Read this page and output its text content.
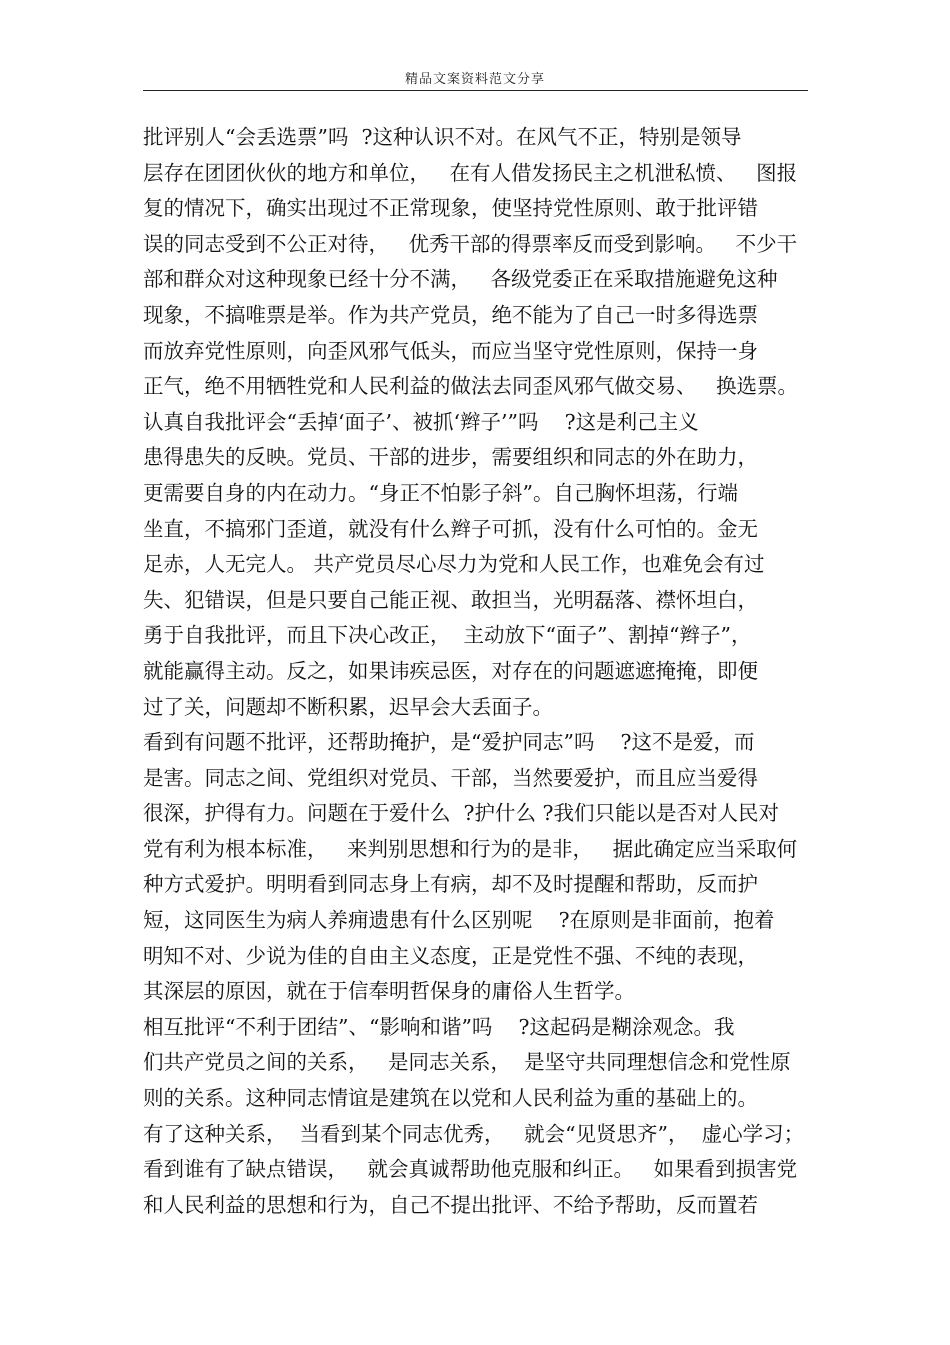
精品文案资料范文分享
批评别人“会丢选票”吗  ?这种认识不对。在风气不正，特别是领导
层存在团团伙伙的地方和单位，   在有人借发扬民主之机泄私愤、   图报
复的情况下，确实出现过不正常现象，使坚持党性原则、敢于批评错
误的同志受到不公正对待，   优秀干部的得票率反而受到影响。   不少干
部和群众对这种现象已经十分不满，   各级党委正在采取措施避免这种
现象，不搞唯票是举。作为共产党员，绝不能为了自己一时多得选票
而放弃党性原则，向歪风邪气低头，而应当坚守党性原则，保持一身
正气，绝不用牺牲党和人民利益的做法去同歪风邪气做交易、   换选票。
认真自我批评会“丢掉‘面子’、被抓‘辫子’”吗    ?这是利己主义
患得患失的反映。党员、干部的进步，需要组织和同志的外在助力，
更需要自身的内在动力。“身正不怕影子斜”。自己胸怀坦荡，行端
坐直，不搞邪门歪道，就没有什么辫子可抓，没有什么可怕的。金无
足赤，人无完人。 共产党员尽心尽力为党和人民工作，也难免会有过
失、犯错误，但是只要自己能正视、敢担当，光明磊落、襟怀坦白，
勇于自我批评，而且下决心改正，  主动放下“面子”、割掉“辫子”，
就能赢得主动。反之，如果讳疾忌医，对存在的问题遮遮掩掩，即便
过了关，问题却不断积累，迟早会大丢面子。
看到有问题不批评，还帮助掩护，是“爱护同志”吗    ?这不是爱，而
是害。同志之间、党组织对党员、干部，当然要爱护，而且应当爱得
很深，护得有力。问题在于爱什么  ?护什么 ?我们只能以是否对人民对
党有利为根本标准，   来判别思想和行为的是非，   据此确定应当采取何
种方式爱护。明明看到同志身上有病，却不及时提醒和帮助，反而护
短，这同医生为病人养痈遗患有什么区别呢    ?在原则是非面前，抱着
明知不对、少说为佳的自由主义态度，正是党性不强、不纯的表现，
其深层的原因，就在于信奉明哲保身的庸俗人生哲学。
相互批评“不利于团结”、“影响和谐”吗    ?这起码是糊涂观念。我
们共产党员之间的关系，   是同志关系，  是坚守共同理想信念和党性原
则的关系。这种同志情谊是建筑在以党和人民利益为重的基础上的。
有了这种关系，  当看到某个同志优秀，   就会“见贤思齐”，  虚心学习；
看到谁有了缺点错误，   就会真诚帮助他克服和纠正。   如果看到损害党
和人民利益的思想和行为，自己不提出批评、不给予帮助，反而置若
